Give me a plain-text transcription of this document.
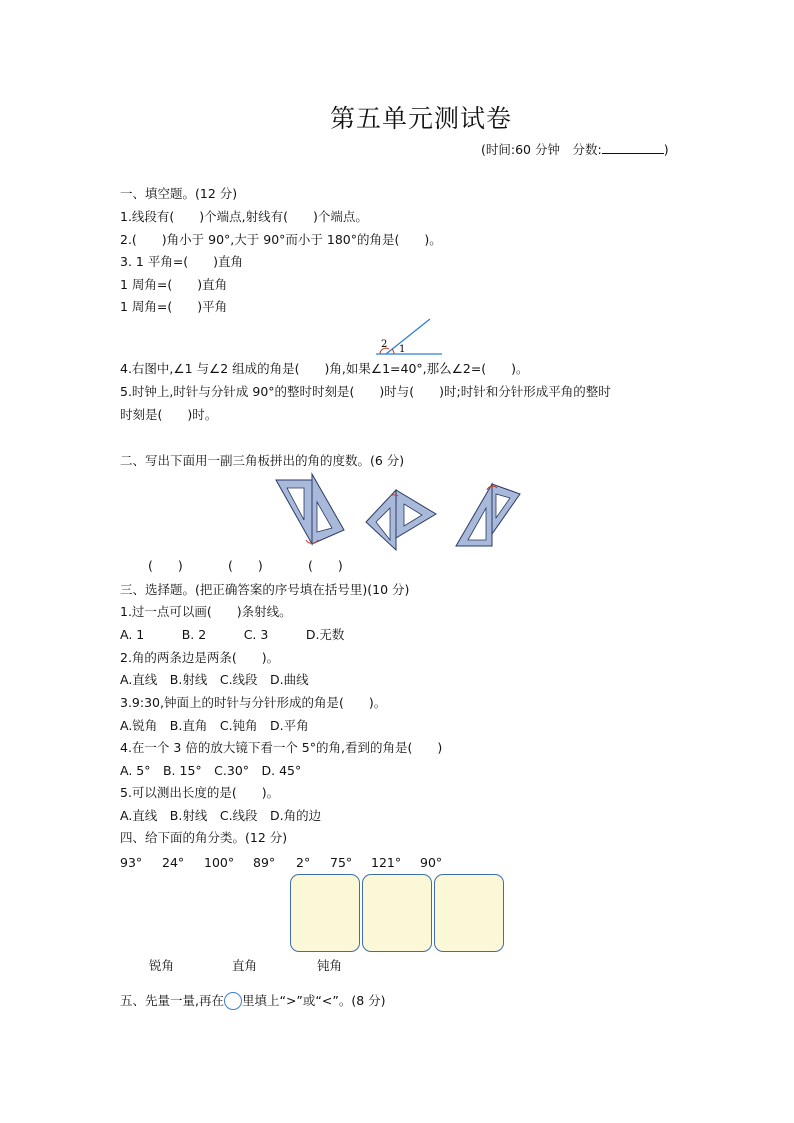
第五单元测试卷
(时间:60 分钟　分数:	)
一、填空题。(12 分)
1.线段有(　　)个端点,射线有(　　)个端点。
2.(　　)角小于 90°,大于 90°而小于 180°的角是(　　)。
3. 1 平角=(　　)直角
1 周角=(　　)直角
1 周角=(　　)平角
1
2
4.右图中,∠1 与∠2 组成的角是(　　)角,如果∠1=40°,那么∠2=(　　)。
5.时钟上,时针与分针成 90°的整时时刻是(　　)时与(　　)时;时针和分针形成平角的整时
时刻是(　　)时。
二、写出下面用一副三角板拼出的角的度数。(6 分)
(　　)	(　　)	(　　)
三、选择题。(把正确答案的序号填在括号里)(10 分)
1.过一点可以画(　　)条射线。
A. 1　　　B. 2　　　C. 3　　　D.无数
2.角的两条边是两条(　　)。
A.直线　B.射线　C.线段　D.曲线
3.9:30,钟面上的时针与分针形成的角是(　　)。
A.锐角　B.直角　C.钝角　D.平角
4.在一个 3 倍的放大镜下看一个 5°的角,看到的角是(　　)
A. 5°　B. 15°　C.30°　D. 45°
5.可以测出长度的是(　　)。
A.直线　B.射线　C.线段　D.角的边
四、给下面的角分类。(12 分)
93° 24° 100° 89° 2° 75° 121° 90°
锐角	直角	钝角
五、先量一量,再在 里填上“>”或“<”。(8 分)
